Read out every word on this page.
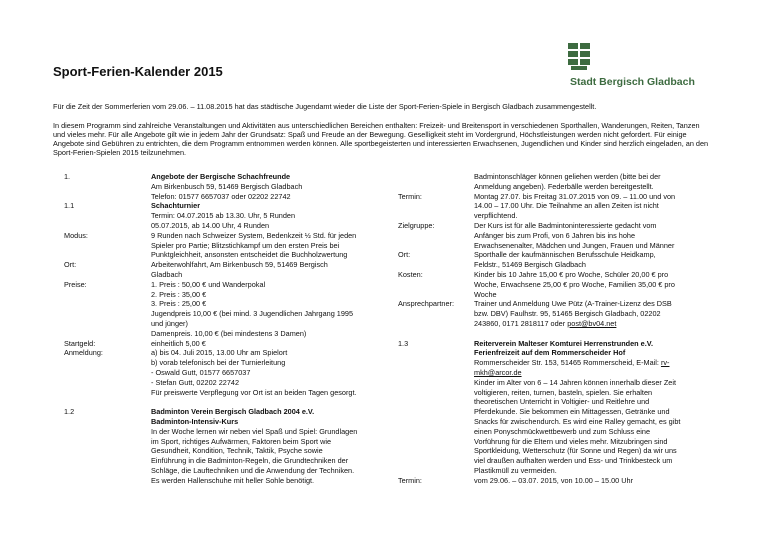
Stadt Bergisch Gladbach
Sport-Ferien-Kalender 2015

Für die Zeit der Sommerferien vom 29.06. – 11.08.2015 hat das städtische Jugendamt wieder die Liste der Sport-Ferien-Spiele in Bergisch Gladbach zusammengestellt.

In diesem Programm sind zahlreiche Veranstaltungen und Aktivitäten aus unterschiedlichen Bereichen enthalten: Freizeit- und Breitensport in verschiedenen Sporthallen, Wanderungen, Reiten, Tanzen und vieles mehr. Für alle Angebote gilt wie in jedem Jahr der Grundsatz: Spaß und Freude an der Bewegung. Geselligkeit steht im Vordergrund, Höchstleistungen werden nicht gefordert. Für einige Angebote sind Gebühren zu entrichten, die dem Programm entnommen werden können. Alle sportbegeisterten und interessierten Erwachsenen, Jugendlichen und Kinder sind herzlich eingeladen, an den Sport-Ferien-Spielen 2015 teilzunehmen.

1.	Angebote der Bergische Schachfreunde
Am Birkenbusch 59, 51469 Bergisch Gladbach
Telefon: 01577 6657037 oder 02202 22742
1.1	Schachturnier
Termin: 04.07.2015 ab 13.30. Uhr, 5 Runden
05.07.2015, ab 14.00 Uhr, 4 Runden
Modus:	9 Runden nach Schweizer System, Bedenkzeit ½ Std. für jeden
Spieler pro Partie; Blitzstichkampf um den ersten Preis bei
Punktgleichheit, ansonsten entscheidet die Buchholzwertung
Ort:	Arbeiterwohlfahrt, Am Birkenbusch 59, 51469 Bergisch
Gladbach
Preise:	1. Preis : 50,00 € und Wanderpokal
2. Preis : 35,00 €
3. Preis : 25,00 €
Jugendpreis 10,00 € (bei mind. 3 Jugendlichen Jahrgang 1995
und jünger)
Damenpreis. 10,00 € (bei mindestens 3 Damen)
Startgeld:	einheitlich 5,00 €
Anmeldung:	a) bis 04. Juli 2015, 13.00 Uhr am Spielort
b) vorab telefonisch bei der Turnierleitung
- Oswald Gutt, 01577 6657037
- Stefan Gutt, 02202 22742
Für preiswerte Verpflegung vor Ort ist an beiden Tagen gesorgt.
1.2	Badminton Verein Bergisch Gladbach 2004 e.V.
Badminton-Intensiv-Kurs
In der Woche lernen wir neben viel Spaß und Spiel: Grundlagen
im Sport, richtiges Aufwärmen, Faktoren beim Sport wie
Gesundheit, Kondition, Technik, Taktik, Psyche sowie
Einführung in die Badminton-Regeln, die Grundtechniken der
Schläge, die Lauftechniken und die Anwendung der Techniken.
Es werden Hallenschuhe mit heller Sohle benötigt.
Badmintonschläger können geliehen werden (bitte bei der
Anmeldung angeben). Federbälle werden bereitgestellt.
Termin:	Montag 27.07. bis Freitag 31.07.2015 von 09. – 11.00 und von
14.00 – 17.00 Uhr. Die Teilnahme an allen Zeiten ist nicht
verpflichtend.
Zielgruppe:	Der Kurs ist für alle Badmintoninteressierte gedacht vom
Anfänger bis zum Profi, von 6 Jahren bis ins hohe
Erwachsenenalter, Mädchen und Jungen, Frauen und Männer
Ort:	Sporthalle der kaufmännischen Berufsschule Heidkamp,
Feldstr., 51469 Bergisch Gladbach
Kosten:	Kinder bis 10 Jahre 15,00 € pro Woche, Schüler 20,00 € pro
Woche, Erwachsene 25,00 € pro Woche, Familien 35,00 € pro
Woche
Ansprechpartner:	Trainer und Anmeldung Uwe Pütz (A-Trainer-Lizenz des DSB
bzw. DBV) Faulhstr. 95, 51465 Bergisch Gladbach, 02202
243860, 0171 2818117 oder post@bv04.net
1.3	Reiterverein Malteser Komturei Herrenstrunden e.V.
Ferienfreizeit auf dem Rommerscheider Hof
Rommerscheider Str. 153, 51465 Rommerscheid, E-Mail: rv-
mkh@arcor.de
Kinder im Alter von 6 – 14 Jahren können innerhalb dieser Zeit
voltigieren, reiten, turnen, basteln, spielen. Sie erhalten
theoretischen Unterricht in Voltigier- und Reitlehre und
Pferdekunde. Sie bekommen ein Mittagessen, Getränke und
Snacks für zwischendurch. Es wird eine Ralley gemacht, es gibt
einen Ponyschmückwettbewerb und zum Schluss eine
Vorführung für die Eltern und vieles mehr. Mitzubringen sind
Sportkleidung, Wetterschutz (für Sonne und Regen) da wir uns
viel draußen aufhalten werden und Ess- und Trinkbesteck um
Plastikmüll zu vermeiden.
Termin:	vom 29.06. – 03.07. 2015, von 10.00 – 15.00 Uhr
